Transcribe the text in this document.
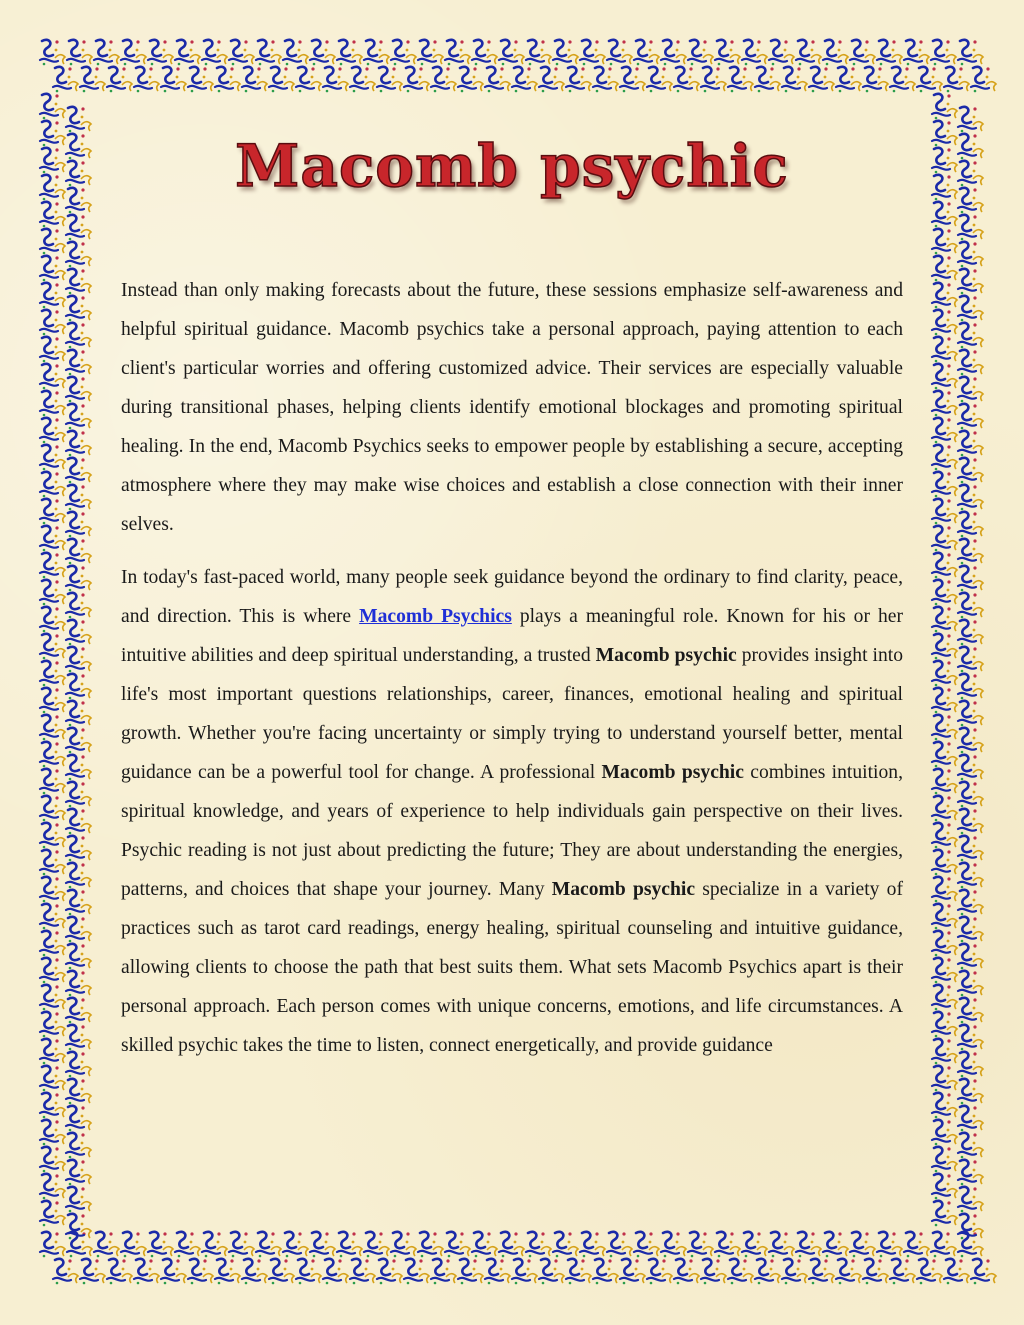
Macomb psychic

Instead than only making forecasts about the future, these sessions emphasize self-awareness and helpful spiritual guidance. Macomb psychics take a personal approach, paying attention to each client's particular worries and offering customized advice. Their services are especially valuable during transitional phases, helping clients identify emotional blockages and promoting spiritual healing. In the end, Macomb Psychics seeks to empower people by establishing a secure, accepting atmosphere where they may make wise choices and establish a close connection with their inner selves.

In today's fast-paced world, many people seek guidance beyond the ordinary to find clarity, peace, and direction. This is where Macomb Psychics plays a meaningful role. Known for his or her intuitive abilities and deep spiritual understanding, a trusted Macomb psychic provides insight into life's most important questions relationships, career, finances, emotional healing and spiritual growth. Whether you're facing uncertainty or simply trying to understand yourself better, mental guidance can be a powerful tool for change. A professional Macomb psychic combines intuition, spiritual knowledge, and years of experience to help individuals gain perspective on their lives. Psychic reading is not just about predicting the future; They are about understanding the energies, patterns, and choices that shape your journey. Many Macomb psychic specialize in a variety of practices such as tarot card readings, energy healing, spiritual counseling and intuitive guidance, allowing clients to choose the path that best suits them. What sets Macomb Psychics apart is their personal approach. Each person comes with unique concerns, emotions, and life circumstances. A skilled psychic takes the time to listen, connect energetically, and provide guidance
